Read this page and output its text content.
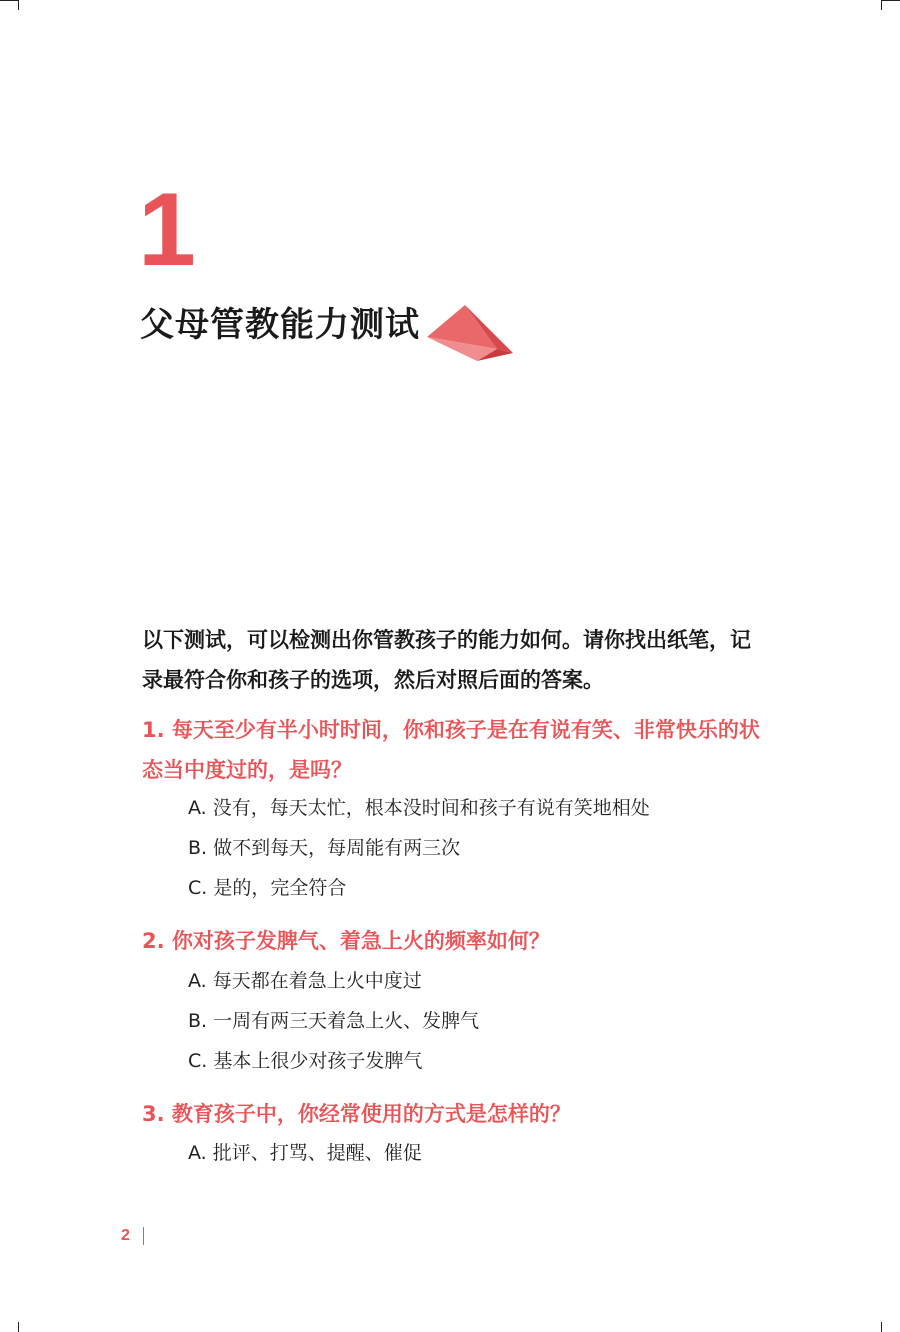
1
父母管教能力测试
以下测试，可以检测出你管教孩子的能力如何。请你找出纸笔，记录最符合你和孩子的选项，然后对照后面的答案。
1. 每天至少有半小时时间，你和孩子是在有说有笑、非常快乐的状态当中度过的，是吗？
A. 没有，每天太忙，根本没时间和孩子有说有笑地相处
B. 做不到每天，每周能有两三次
C. 是的，完全符合
2. 你对孩子发脾气、着急上火的频率如何？
A. 每天都在着急上火中度过
B. 一周有两三天着急上火、发脾气
C. 基本上很少对孩子发脾气
3. 教育孩子中，你经常使用的方式是怎样的？
A. 批评、打骂、提醒、催促
2
